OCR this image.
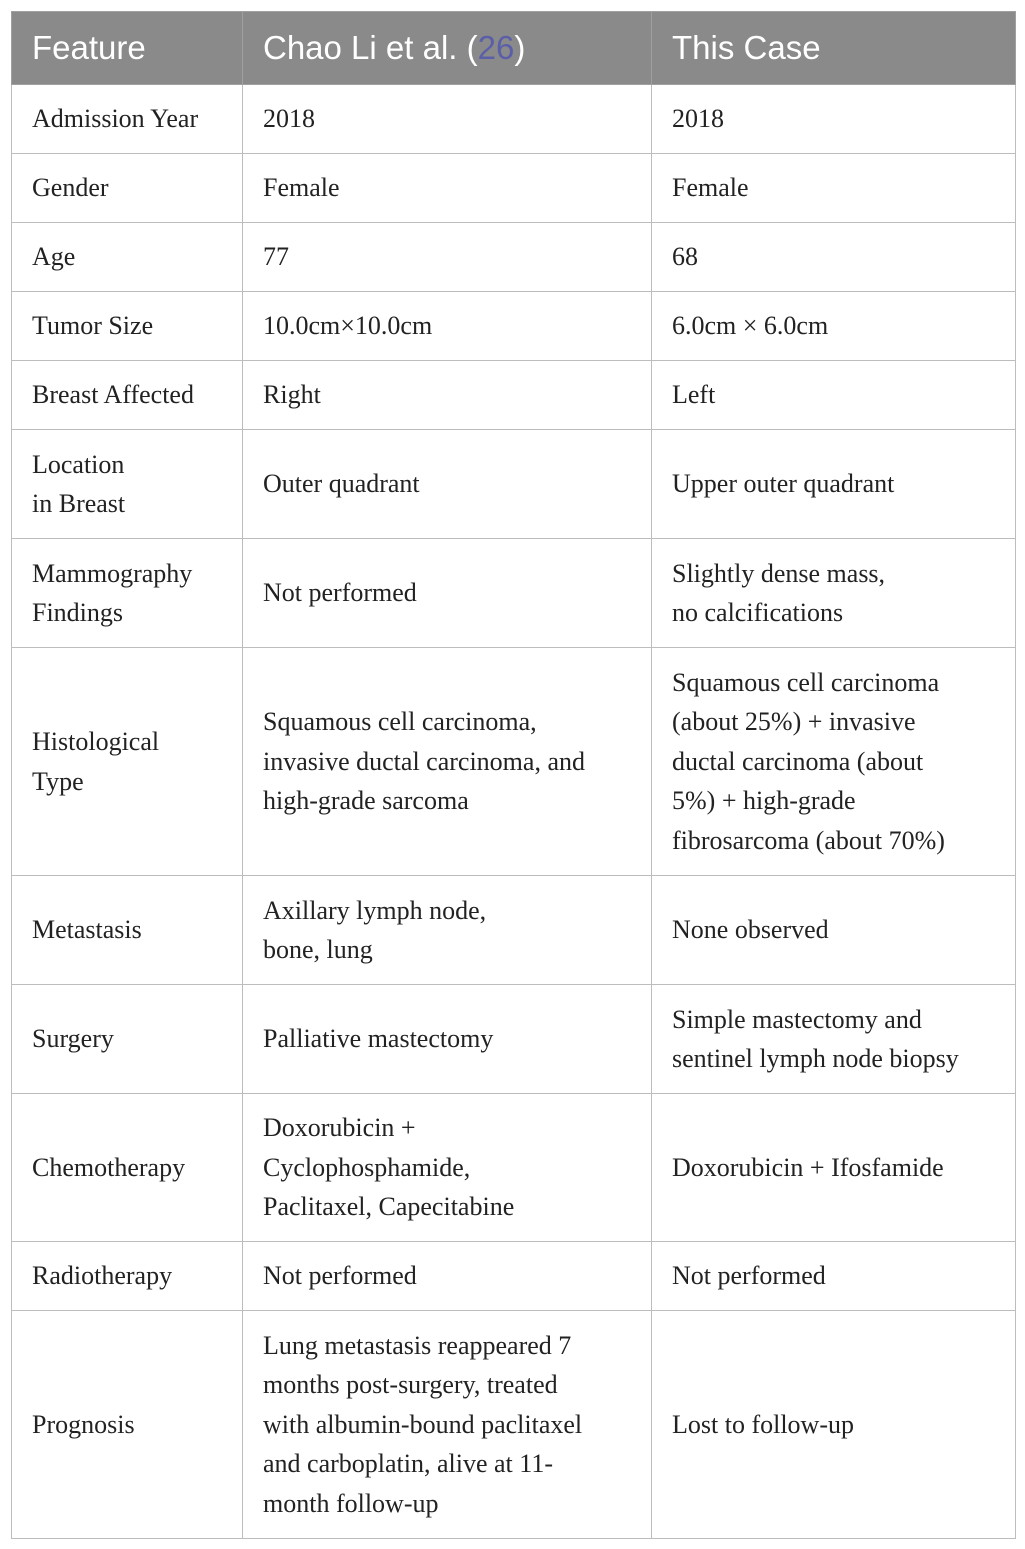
Feature	Chao Li et al. (26)	This Case

Admission Year	2018	2018

Gender	Female	Female

Age	77	68

Tumor Size	10.0cm×10.0cm	6.0cm × 6.0cm

Breast Affected	Right	Left

Location
in Breast	Outer quadrant	Upper outer quadrant

Mammography
Findings	Not performed	Slightly dense mass,
no calcifications

Histological
Type	Squamous cell carcinoma,
invasive ductal carcinoma, and
high-grade sarcoma	Squamous cell carcinoma
(about 25%) + invasive
ductal carcinoma (about
5%) + high-grade
fibrosarcoma (about 70%)

Metastasis	Axillary lymph node,
bone, lung	None observed

Surgery	Palliative mastectomy	Simple mastectomy and
sentinel lymph node biopsy

Chemotherapy	Doxorubicin +
Cyclophosphamide,
Paclitaxel, Capecitabine	Doxorubicin + Ifosfamide

Radiotherapy	Not performed	Not performed

Prognosis	Lung metastasis reappeared 7
months post-surgery, treated
with albumin-bound paclitaxel
and carboplatin, alive at 11-
month follow-up	Lost to follow-up
